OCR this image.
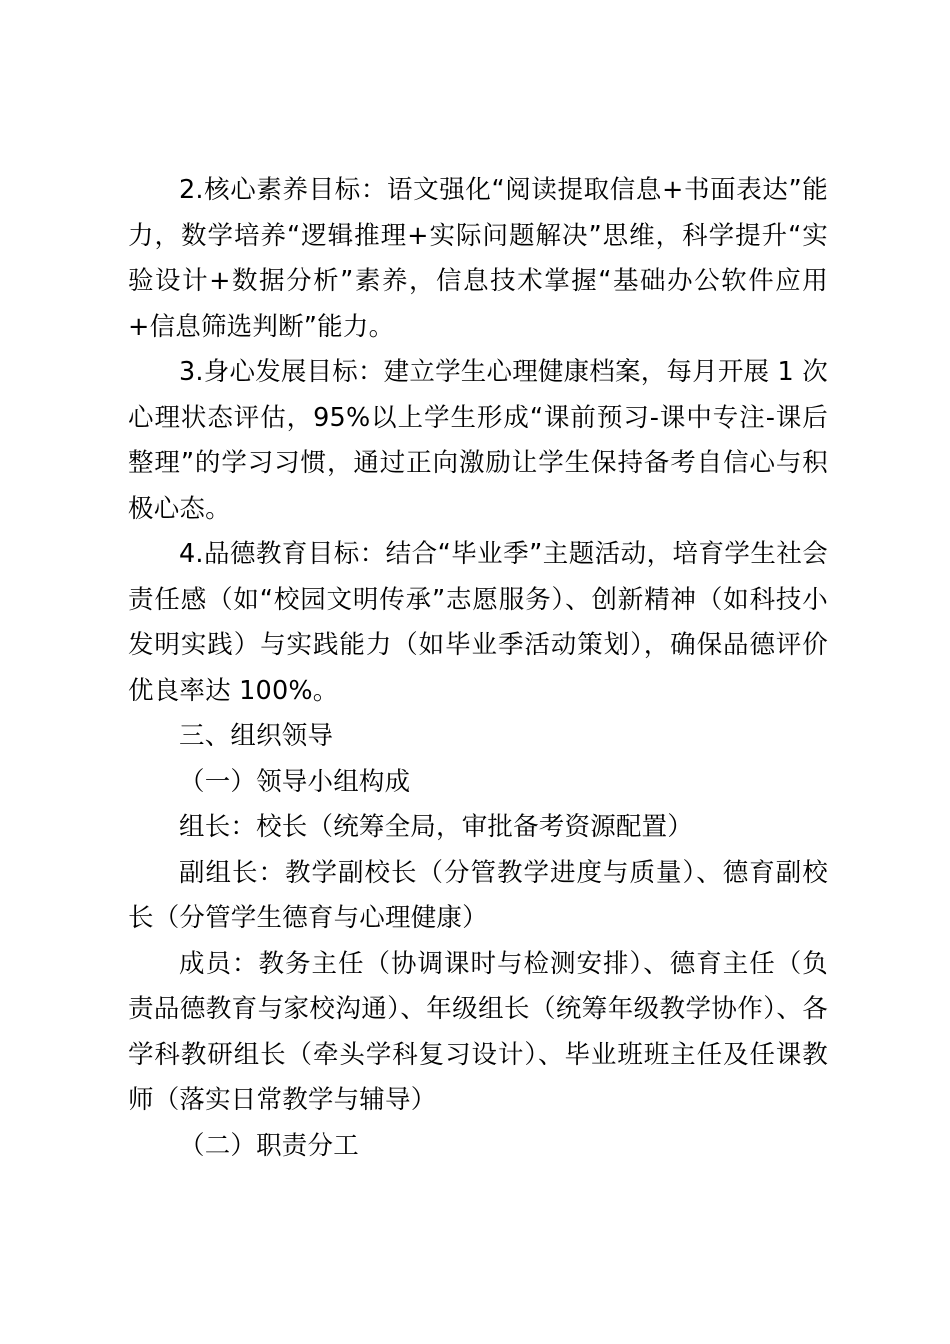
2.核心素养目标：语文强化“阅读提取信息+书面表达”能力，数学培养“逻辑推理+实际问题解决”思维，科学提升“实验设计+数据分析”素养，信息技术掌握“基础办公软件应用+信息筛选判断”能力。

3.身心发展目标：建立学生心理健康档案，每月开展 1 次心理状态评估，95%以上学生形成“课前预习-课中专注-课后整理”的学习习惯，通过正向激励让学生保持备考自信心与积极心态。

4.品德教育目标：结合“毕业季”主题活动，培育学生社会责任感（如“校园文明传承”志愿服务）、创新精神（如科技小发明实践）与实践能力（如毕业季活动策划），确保品德评价优良率达 100%。

三、组织领导

（一）领导小组构成

组长：校长（统筹全局，审批备考资源配置）

副组长：教学副校长（分管教学进度与质量）、德育副校长（分管学生德育与心理健康）

成员：教务主任（协调课时与检测安排）、德育主任（负责品德教育与家校沟通）、年级组长（统筹年级教学协作）、各学科教研组长（牵头学科复习设计）、毕业班班主任及任课教师（落实日常教学与辅导）

（二）职责分工
